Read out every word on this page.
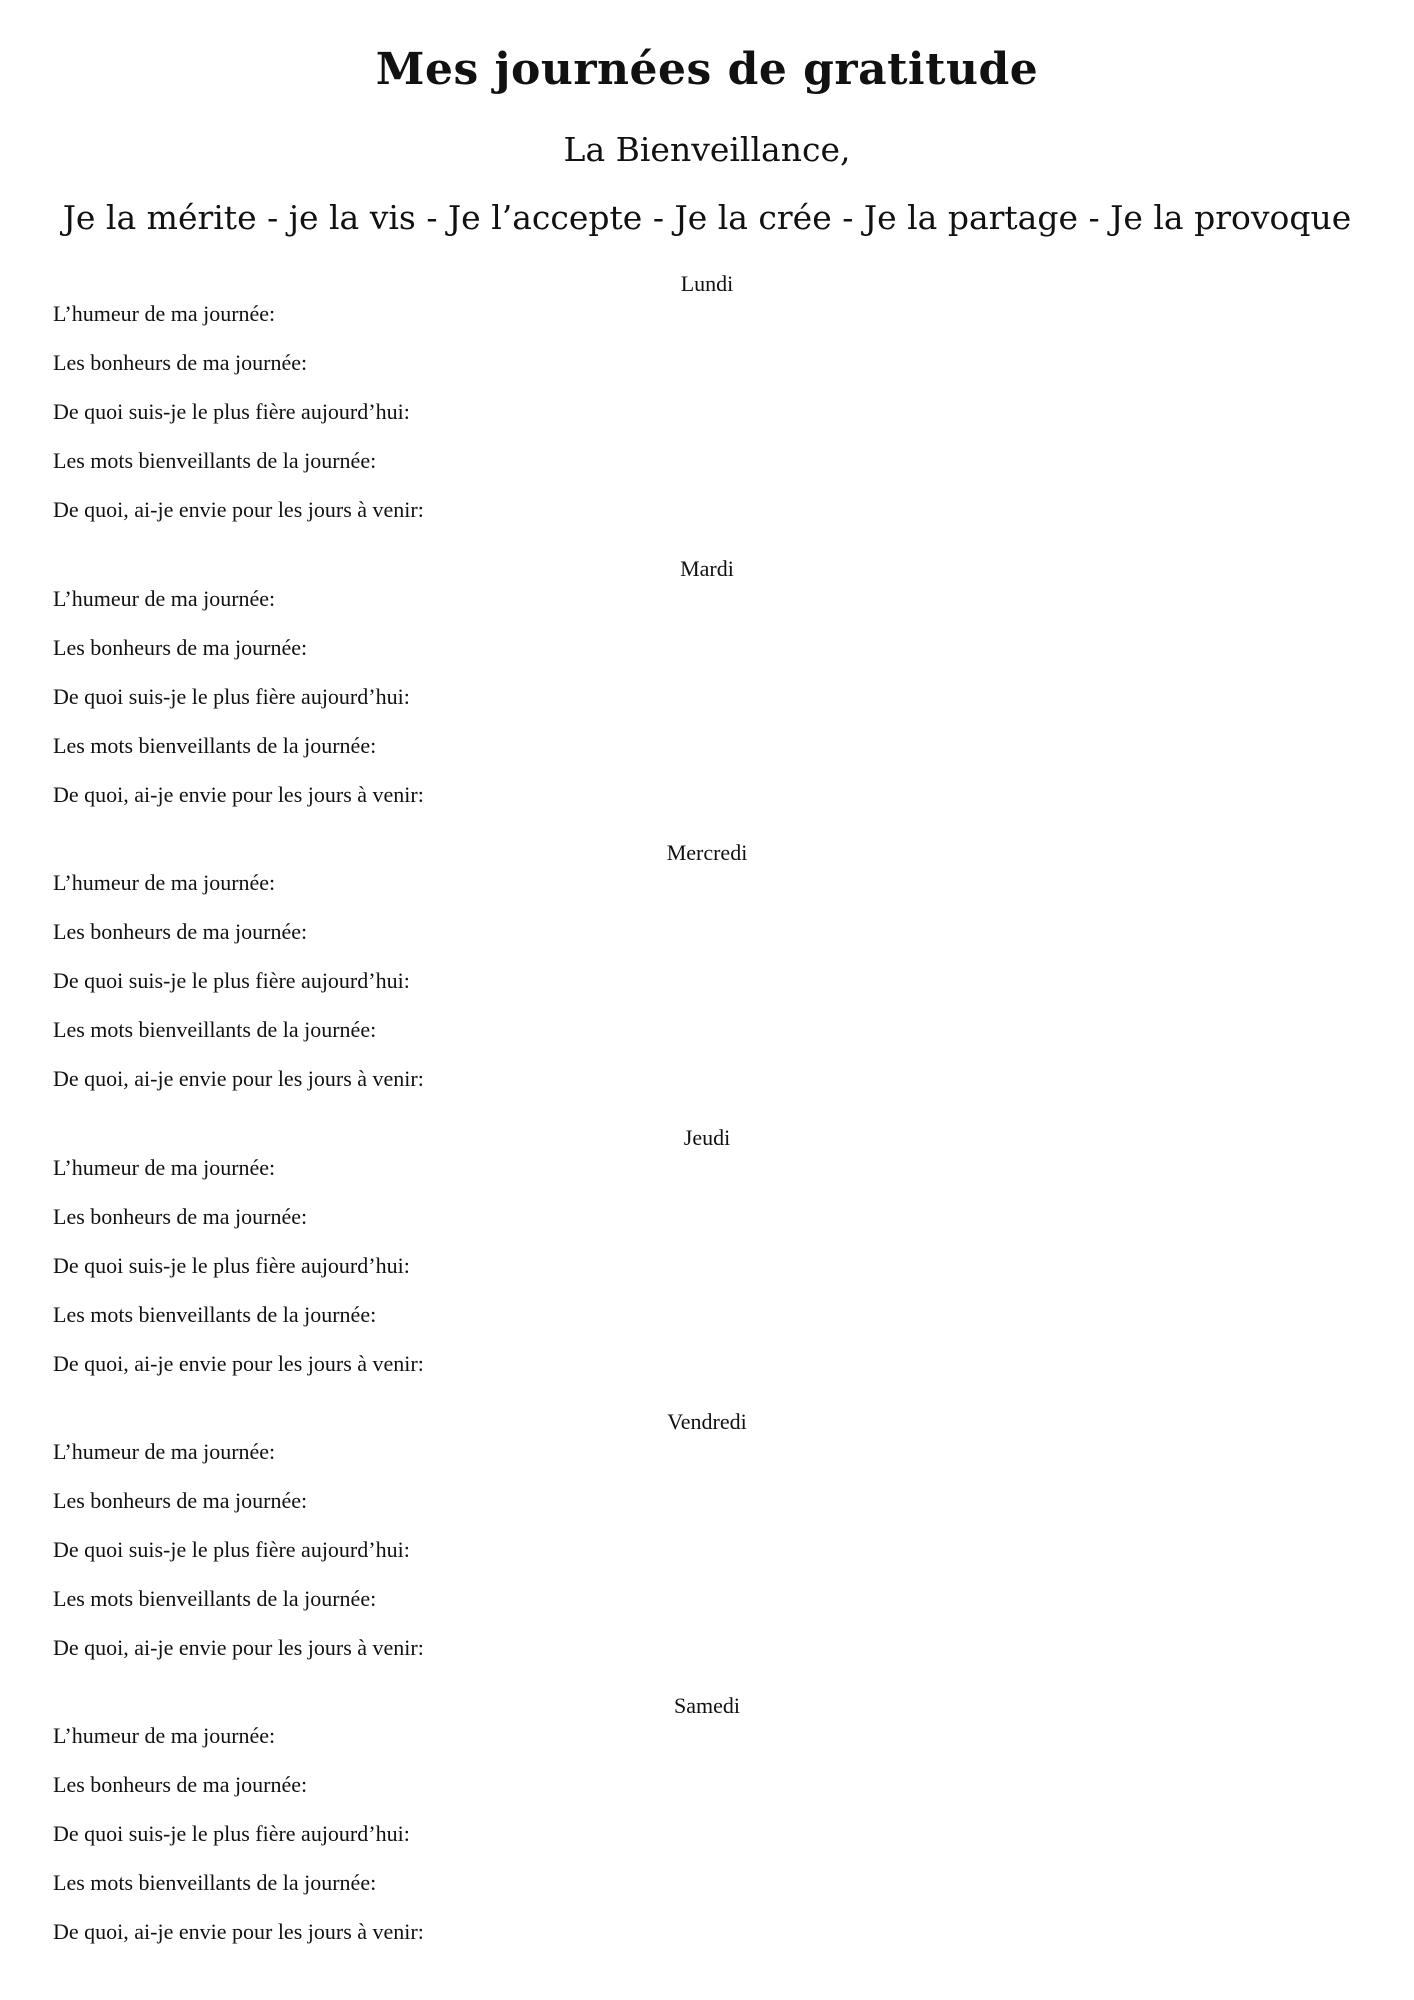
Mes journées de gratitude
La Bienveillance,
Je la mérite - je la vis - Je l’accepte - Je la crée - Je la partage - Je la provoque
Lundi
L’humeur de ma journée:
Les bonheurs de ma journée:
De quoi suis-je le plus fière aujourd’hui:
Les mots bienveillants de la journée:
De quoi, ai-je envie pour les jours à venir:
Mardi
L’humeur de ma journée:
Les bonheurs de ma journée:
De quoi suis-je le plus fière aujourd’hui:
Les mots bienveillants de la journée:
De quoi, ai-je envie pour les jours à venir:
Mercredi
L’humeur de ma journée:
Les bonheurs de ma journée:
De quoi suis-je le plus fière aujourd’hui:
Les mots bienveillants de la journée:
De quoi, ai-je envie pour les jours à venir:
Jeudi
L’humeur de ma journée:
Les bonheurs de ma journée:
De quoi suis-je le plus fière aujourd’hui:
Les mots bienveillants de la journée:
De quoi, ai-je envie pour les jours à venir:
Vendredi
L’humeur de ma journée:
Les bonheurs de ma journée:
De quoi suis-je le plus fière aujourd’hui:
Les mots bienveillants de la journée:
De quoi, ai-je envie pour les jours à venir:
Samedi
L’humeur de ma journée:
Les bonheurs de ma journée:
De quoi suis-je le plus fière aujourd’hui:
Les mots bienveillants de la journée:
De quoi, ai-je envie pour les jours à venir:
